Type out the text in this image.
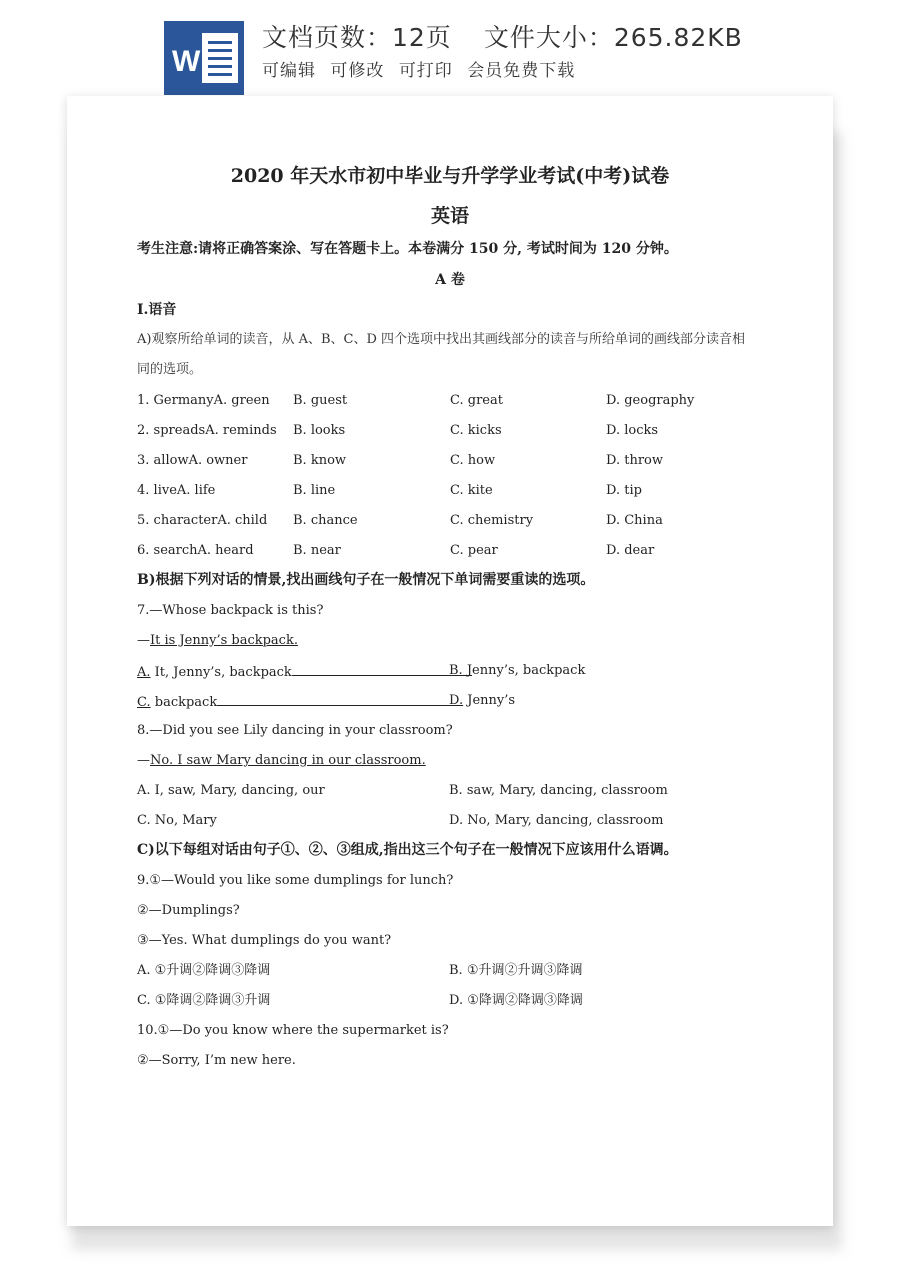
W
文档页数：12页 文件大小：265.82KB
可编辑 可修改 可打印 会员免费下载
2020 年天水市初中毕业与升学学业考试(中考)试卷
英语
考生注意:请将正确答案涂、写在答题卡上。本卷满分 150 分, 考试时间为 120 分钟。
A 卷
I.语音
A)观察所给单词的读音，从 A、B、C、D 四个选项中找出其画线部分的读音与所给单词的画线部分读音相
同的选项。
1. GermanyA. green B. guest	C. great	D. geography
2. spreadsA. reminds B. looks	C. kicks	D. locks
3. allowA. owner	B. know	C. how	D. throw
4. liveA. life	B. line	C. kite	D. tip
5. characterA. child B. chance	C. chemistry	D. China
6. searchA. heard	B. near	C. pear	D. dear
B)根据下列对话的情景,找出画线句子在一般情况下单词需要重读的选项。
7.—Whose backpack is this?
—It is Jenny’s backpack.
A. It, Jenny’s, backpack	B. Jenny’s, backpack
C. backpack	D. Jenny’s
8.—Did you see Lily dancing in your classroom?
—No. I saw Mary dancing in our classroom.
A. I, saw, Mary, dancing, our	B. saw, Mary, dancing, classroom
C. No, Mary	D. No, Mary, dancing, classroom
C)以下每组对话由句子①、②、③组成,指出这三个句子在一般情况下应该用什么语调。
9.①—Would you like some dumplings for lunch?
②—Dumplings?
③—Yes. What dumplings do you want?
A. ①升调②降调③降调	B. ①升调②升调③降调
C. ①降调②降调③升调	D. ①降调②降调③降调
10.①—Do you know where the supermarket is?
②—Sorry, I’m new here.
